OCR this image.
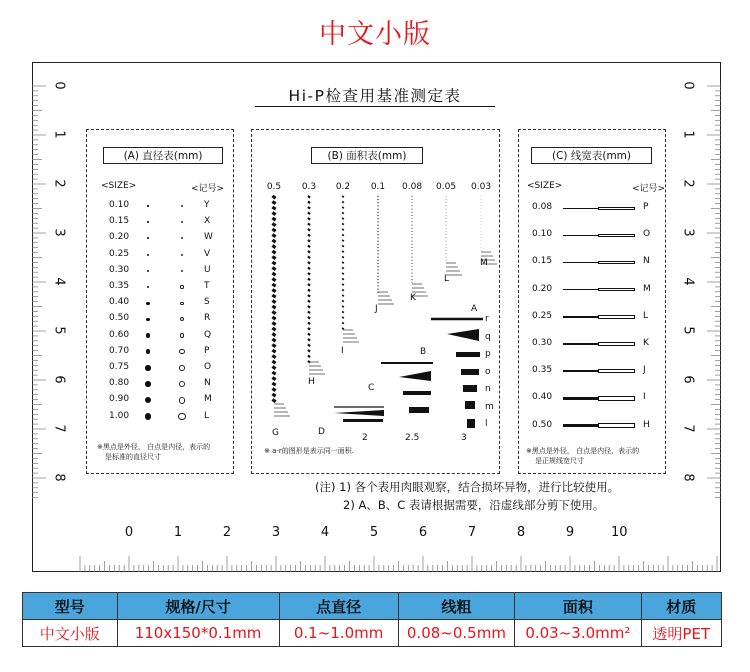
中文小版
Hi-P检查用基准测定表
0
1
2
3
4
5
6
7
8
0
1
2
3
4
5
6
7
8
0	1	2	3	4	5	6	7	8	9	10
(A) 直径表(mm)
<SIZE>	<记号>
0.10	Y
0.15	X
0.20	W
0.25	V
0.30	U
0.35	T
0.40	S
0.50	R
0.60	Q
0.70	P
0.75	O
0.80	N
0.90	M
1.00	L
※黑点是外径， 白点是内径，表示的
是标准的直径尺寸
(B) 面积表(mm)
0.5	0.3	0.2	0.1	0.08 0.05 0.03
G
H
I
J
K
L
M
D
C
B
A
r
q
p
o
n
m
l
2	2.5	3
※ a-r的图形是表示同一面积.
(C) 线宽表(mm)
<SIZE>	<记号>
0.08	P
0.10	O
0.15	N
0.20	M
0.25	L
0.30	K
0.35	J
0.40	I
0.50	H
※黑点是外径， 白点是内径，表示的
是正规线宽尺寸
(注) 1) 各个表用肉眼观察，结合损坏异物，进行比较使用。
2) A、B、C 表请根据需要，沿虚线部分剪下使用。
型号	规格/尺寸	点直径	线粗	面积	材质
中文小版	110x150*0.1mm	0.1~1.0mm	0.08~0.5mm	0.03~3.0mm²	透明PET
